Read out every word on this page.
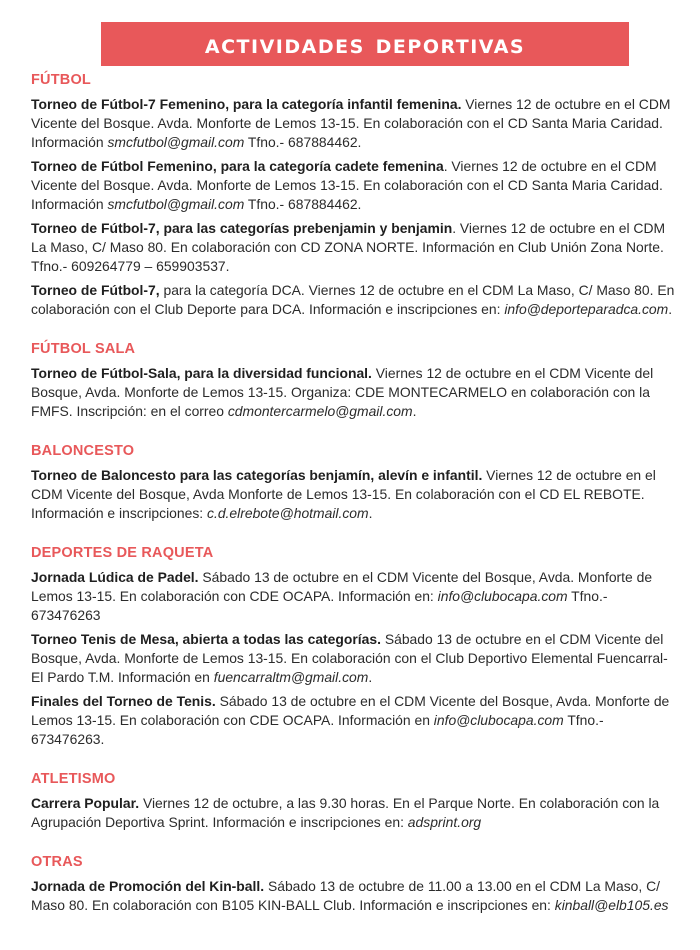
actividades deportivas
FÚTBOL

Torneo de Fútbol-7 Femenino, para la categoría infantil femenina. Viernes 12 de octubre en el CDM Vicente del Bosque. Avda. Monforte de Lemos 13-15. En colaboración con el CD Santa Maria Caridad. Información smcfutbol@gmail.com Tfno.- 687884462.

Torneo de Fútbol Femenino, para la categoría cadete femenina. Viernes 12 de octubre en el CDM Vicente del Bosque. Avda. Monforte de Lemos 13-15. En colaboración con el CD Santa Maria Caridad. Información smcfutbol@gmail.com Tfno.- 687884462.

Torneo de Fútbol-7, para las categorías prebenjamin y benjamin. Viernes 12 de octubre en el CDM La Maso, C/ Maso 80. En colaboración con CD ZONA NORTE. Información en Club Unión Zona Norte. Tfno.- 609264779 – 659903537.

Torneo de Fútbol-7, para la categoría DCA. Viernes 12 de octubre en el CDM La Maso, C/ Maso 80. En colaboración con el Club Deporte para DCA. Información e inscripciones en: info@deporteparadca.com.

FÚTBOL SALA

Torneo de Fútbol-Sala, para la diversidad funcional. Viernes 12 de octubre en el CDM Vicente del Bosque, Avda. Monforte de Lemos 13-15. Organiza: CDE MONTECARMELO en colaboración con la FMFS. Inscripción: en el correo cdmontercarmelo@gmail.com.

BALONCESTO

Torneo de Baloncesto para las categorías benjamín, alevín e infantil. Viernes 12 de octubre en el CDM Vicente del Bosque, Avda Monforte de Lemos 13-15. En colaboración con el CD EL REBOTE. Información e inscripciones: c.d.elrebote@hotmail.com.

DEPORTES DE RAQUETA

Jornada Lúdica de Padel. Sábado 13 de octubre en el CDM Vicente del Bosque, Avda. Monforte de Lemos 13-15. En colaboración con CDE OCAPA. Información en: info@clubocapa.com Tfno.- 673476263

Torneo Tenis de Mesa, abierta a todas las categorías. Sábado 13 de octubre en el CDM Vicente del Bosque, Avda. Monforte de Lemos 13-15. En colaboración con el Club Deportivo Elemental Fuencarral-El Pardo T.M. Información en fuencarraltm@gmail.com.

Finales del Torneo de Tenis. Sábado 13 de octubre en el CDM Vicente del Bosque, Avda. Monforte de Lemos 13-15. En colaboración con CDE OCAPA. Información en info@clubocapa.com Tfno.- 673476263.

ATLETISMO

Carrera Popular. Viernes 12 de octubre, a las 9.30 horas. En el Parque Norte. En colaboración con la Agrupación Deportiva Sprint. Información e inscripciones en: adsprint.org

OTRAS

Jornada de Promoción del Kin-ball. Sábado 13 de octubre de 11.00 a 13.00 en el CDM La Maso, C/ Maso 80. En colaboración con B105 KIN-BALL Club. Información e inscripciones en: kinball@elb105.es
